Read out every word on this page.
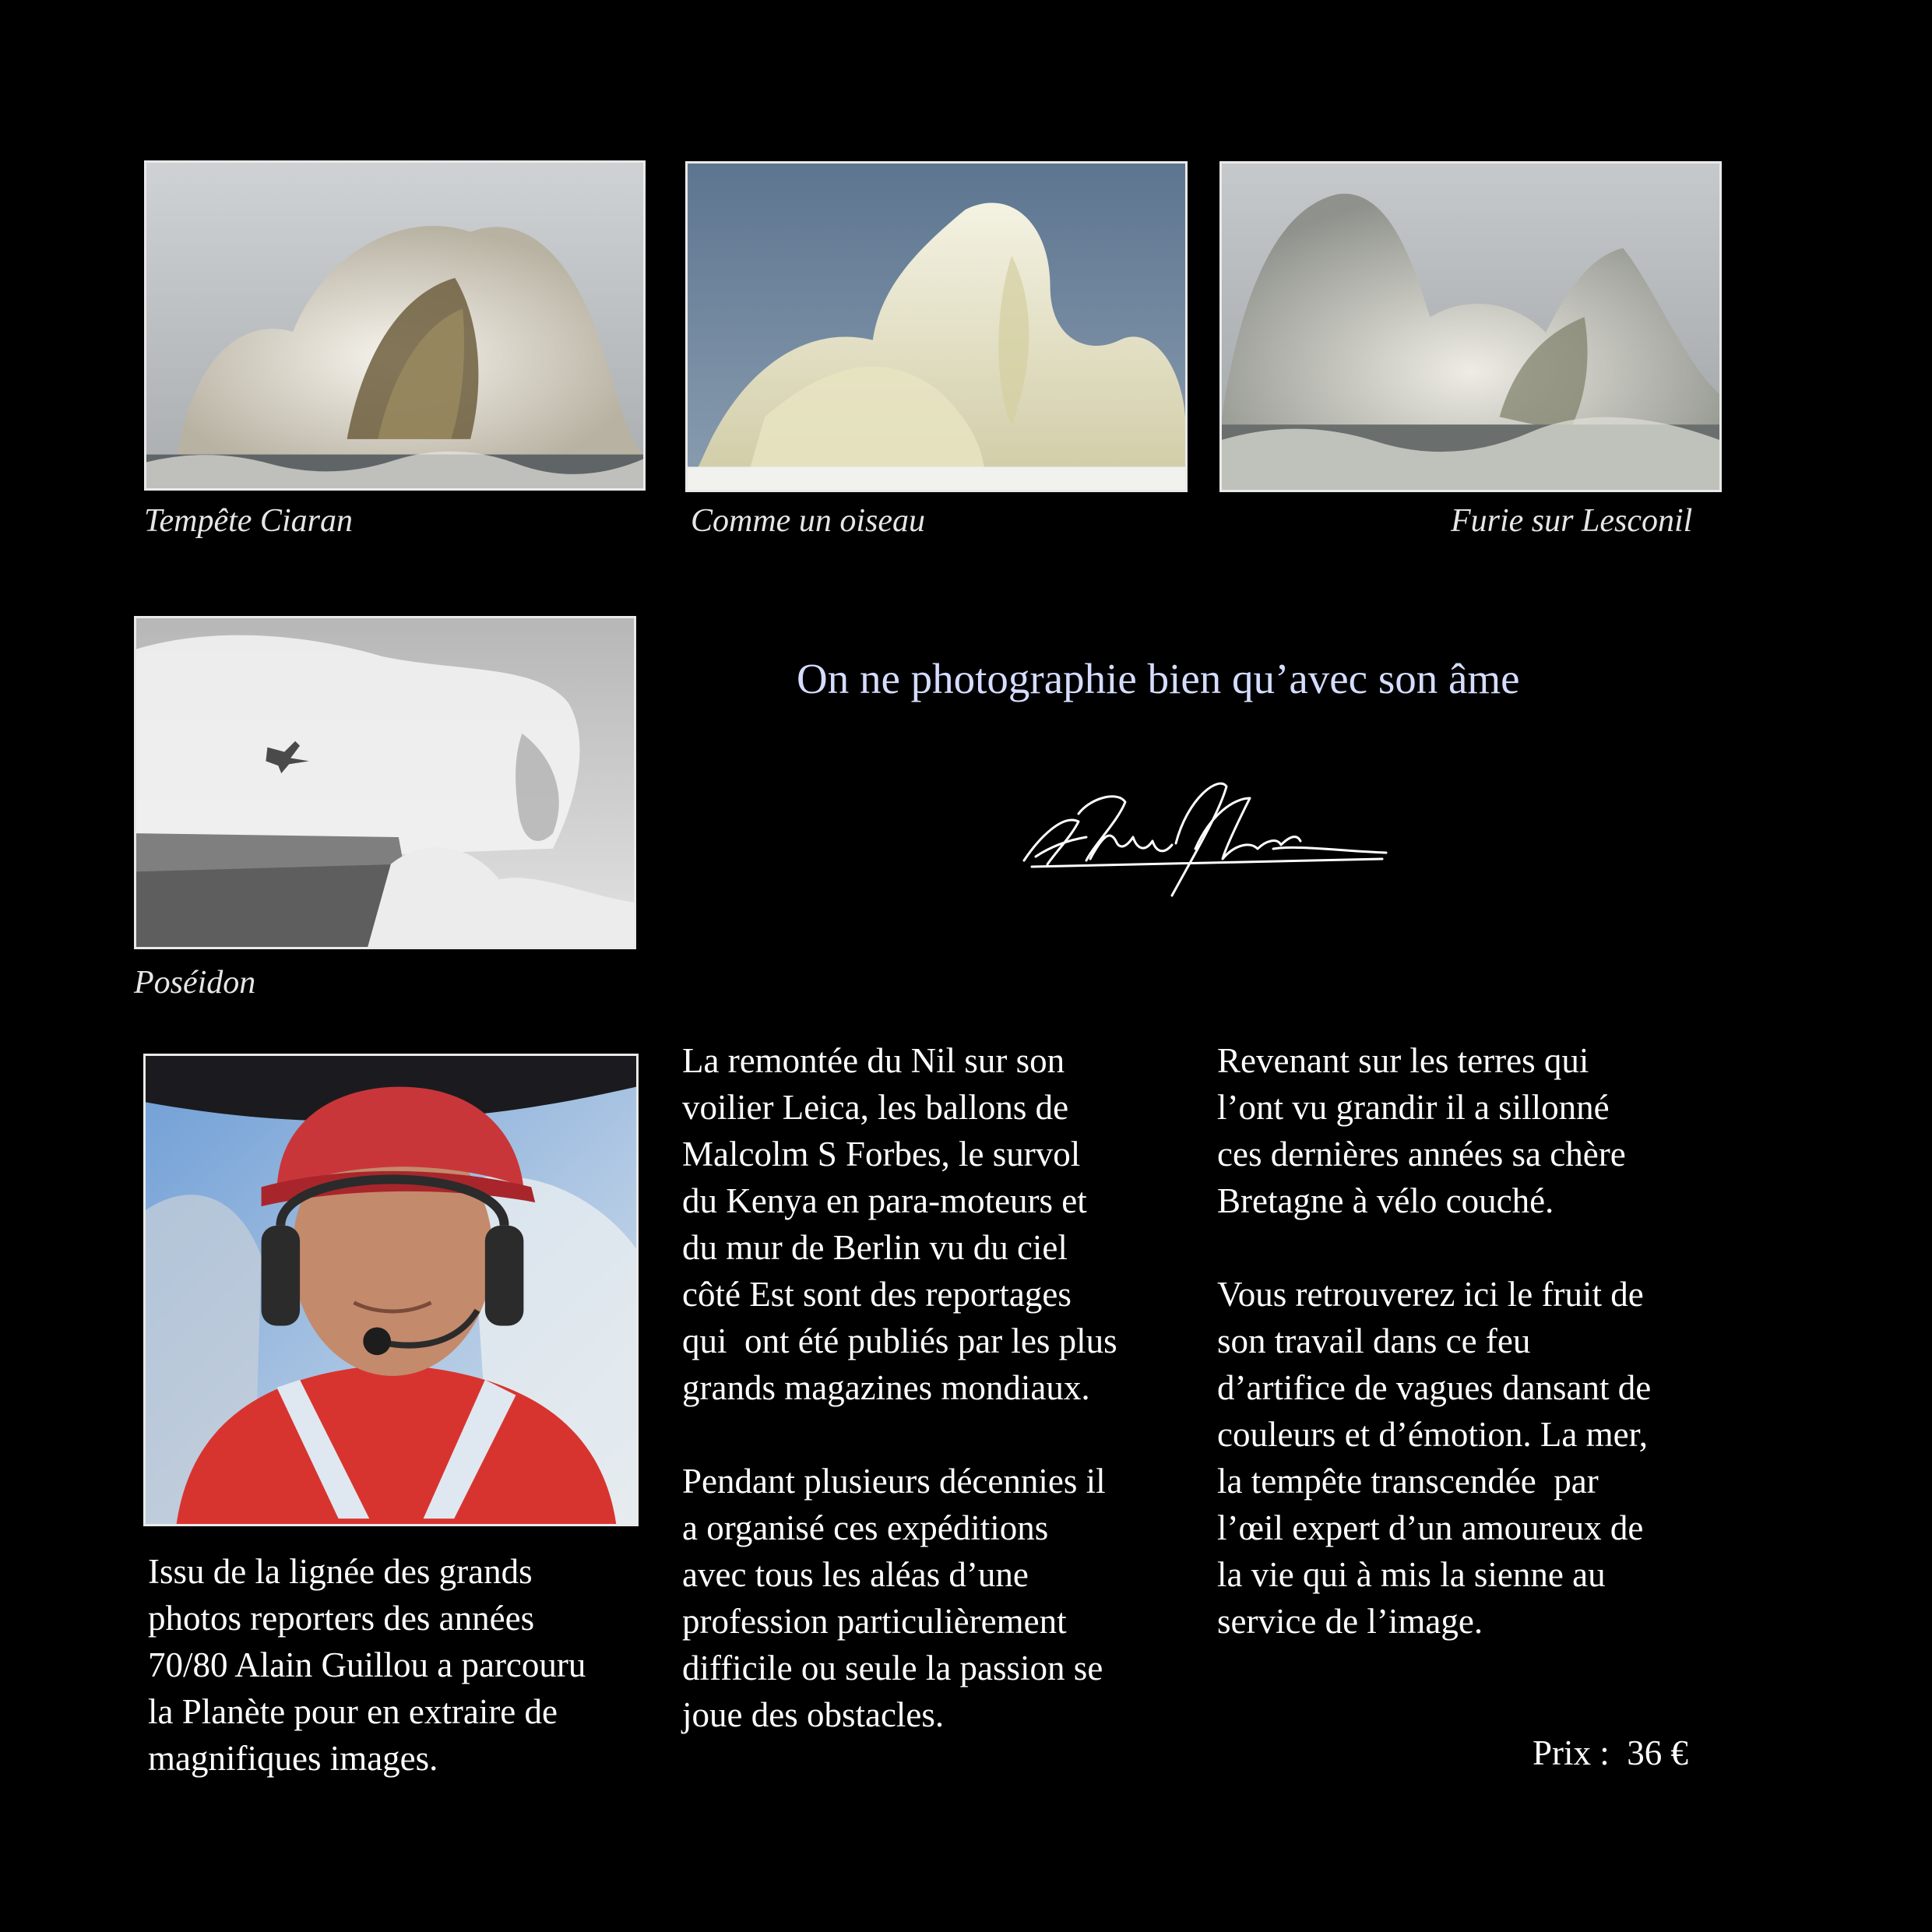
Tempête Ciaran	Comme un oiseau	Furie sur Lesconil
Poséidon
On ne photographie bien qu’avec son âme

Issu de la lignée des grands
photos reporters des années
70/80 Alain Guillou a parcouru
la Planète pour en extraire de
magnifiques images.

La remontée du Nil sur son
voilier Leica, les ballons de
Malcolm S Forbes, le survol
du Kenya en para-moteurs et
du mur de Berlin vu du ciel
côté Est sont des reportages
qui  ont été publiés par les plus
grands magazines mondiaux.

Pendant plusieurs décennies il
a organisé ces expéditions
avec tous les aléas d’une
profession particulièrement
difficile ou seule la passion se
joue des obstacles.

Revenant sur les terres qui
l’ont vu grandir il a sillonné
ces dernières années sa chère
Bretagne à vélo couché.

Vous retrouverez ici le fruit de
son travail dans ce feu
d’artifice de vagues dansant de
couleurs et d’émotion. La mer,
la tempête transcendée  par
l’œil expert d’un amoureux de
la vie qui à mis la sienne au
service de l’image.

Prix :  36 €
